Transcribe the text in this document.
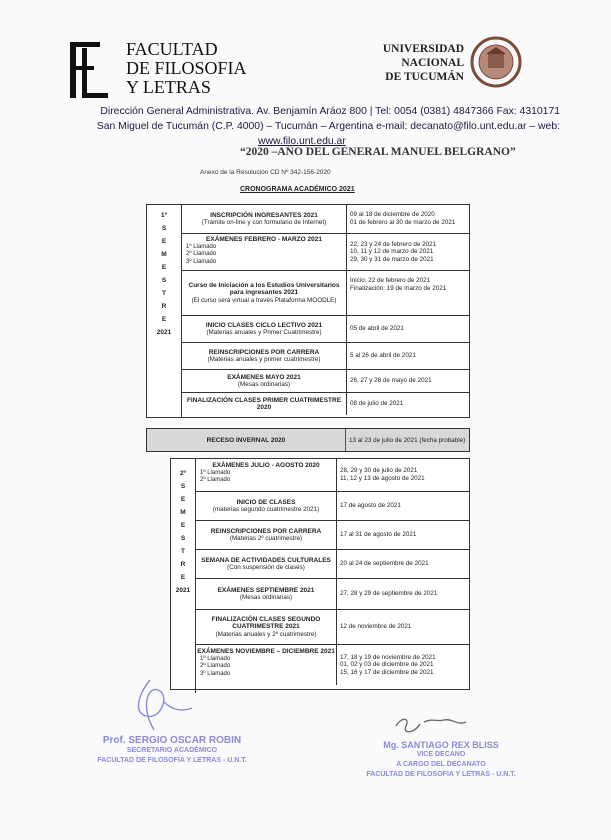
FACULTAD
DE FILOSOFIA
Y LETRAS
UNIVERSIDAD
NACIONAL
DE TUCUMÁN
Dirección General Administrativa. Av. Benjamín Aráoz 800 | Tel: 0054 (0381) 4847366 Fax: 4310171
San Miguel de Tucumán (C.P. 4000) – Tucumán – Argentina e-mail: decanato@filo.unt.edu.ar – web:
www.filo.unt.edu.ar
“2020 –AÑO DEL GENERAL MANUEL BELGRANO”
Anexo de la Resolución CD Nº 342-156-2020
CRONOGRAMA ACADÉMICO 2021
1º
S
E
M
E
S
T
R
E
2021
INSCRIPCIÓN INGRESANTES 2021
(Trámite on-line y con formulario de Internet)
09 al 18 de diciembre de 2020
01 de febrero al 30 de marzo de 2021
EXÁMENES FEBRERO - MARZO 2021
1º Llamado
2º Llamado
3º Llamado
22, 23 y 24 de febrero de 2021
10, 11 y 12 de marzo de 2021
29, 30 y 31 de marzo de 2021
Curso de Iniciación a los Estudios Universitarios para ingresantes 2021
(El curso será virtual a través Plataforma MOODLE)
Inicio: 22 de febrero de 2021
Finalización: 19 de marzo de 2021
INICIO CLASES CICLO LECTIVO 2021
(Materias anuales y Primer Cuatrimestre)
05 de abril de 2021
REINSCRIPCIONES POR CARRERA
(Materias anuales y primer cuatrimestre)
5 al 26 de abril de 2021
EXÁMENES MAYO 2021
(Mesas ordinarias)
26, 27 y 28 de mayo de 2021
FINALIZACIÓN CLASES PRIMER CUATRIMESTRE 2020
08 de julio de 2021
RECESO INVERNAL 2020	13 al 23 de julio de 2021 (fecha probable)
2º
S
E
M
E
S
T
R
E
2021
EXÁMENES JULIO - AGOSTO 2020
1º Llamado
2º Llamado
28, 29 y 30 de julio de 2021
11, 12 y 13 de agosto de 2021
INICIO DE CLASES
(materias segundo cuatrimestre 2021)
17 de agosto de 2021
REINSCRIPCIONES POR CARRERA
(Materias 2º cuatrimestre)
17 al 31 de agosto de 2021
SEMANA DE ACTIVIDADES CULTURALES
(Con suspensión de clases)
20 al 24 de septiembre de 2021
EXÁMENES SEPTIEMBRE 2021
(Mesas ordinarias)
27, 28 y 29 de septiembre de 2021
FINALIZACIÓN CLASES SEGUNDO CUATRIMESTRE 2021
(Materias anuales y 2º cuatrimestre)
12 de noviembre de 2021
EXÁMENES NOVIEMBRE – DICIEMBRE 2021
1º Llamado
2º Llamado
3º Llamado
17, 18 y 19 de noviembre de 2021
01, 02 y 03 de diciembre de 2021
15, 16 y 17 de diciembre de 2021
Prof. SERGIO OSCAR ROBIN
SECRETARIO ACADÉMICO
FACULTAD DE FILOSOFÍA Y LETRAS - U.N.T.
Mg. SANTIAGO REX BLISS
VICE DECANO
A CARGO DEL DECANATO
FACULTAD DE FILOSOFIA Y LETRAS - U.N.T.
